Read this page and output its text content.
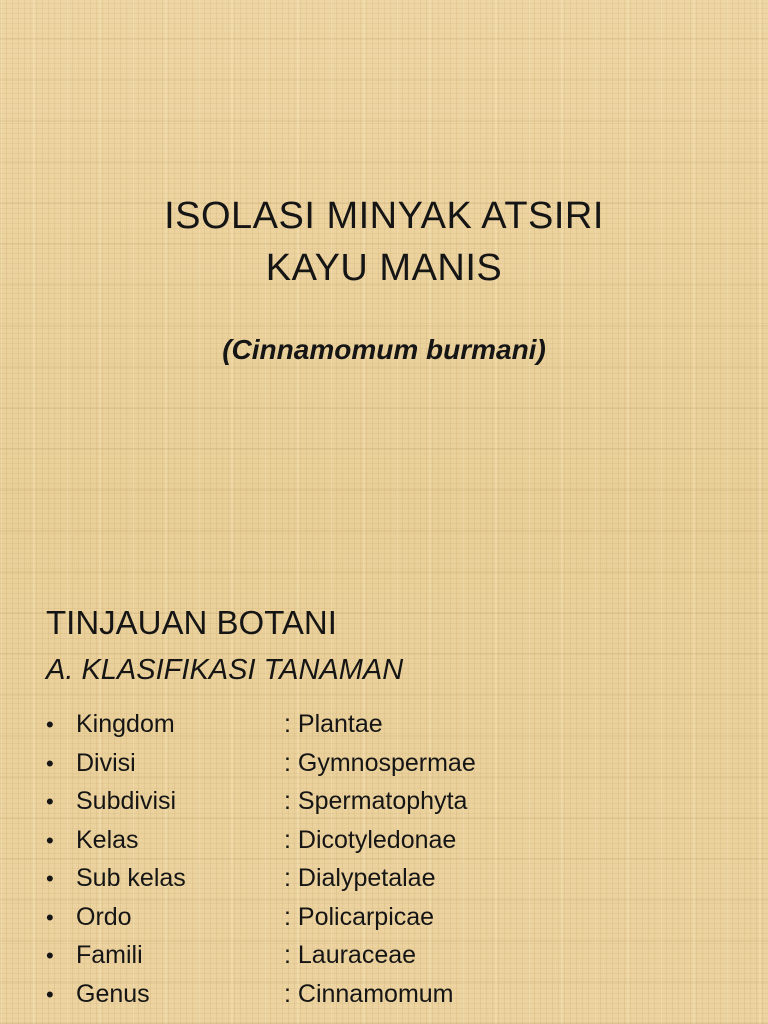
ISOLASI MINYAK ATSIRI
KAYU MANIS
(Cinnamomum burmani)
TINJAUAN BOTANI
A. KLASIFIKASI TANAMAN
• Kingdom	: Plantae
• Divisi	: Gymnospermae
• Subdivisi	: Spermatophyta
• Kelas	: Dicotyledonae
• Sub kelas	: Dialypetalae
• Ordo	: Policarpicae
• Famili	: Lauraceae
• Genus	: Cinnamomum
